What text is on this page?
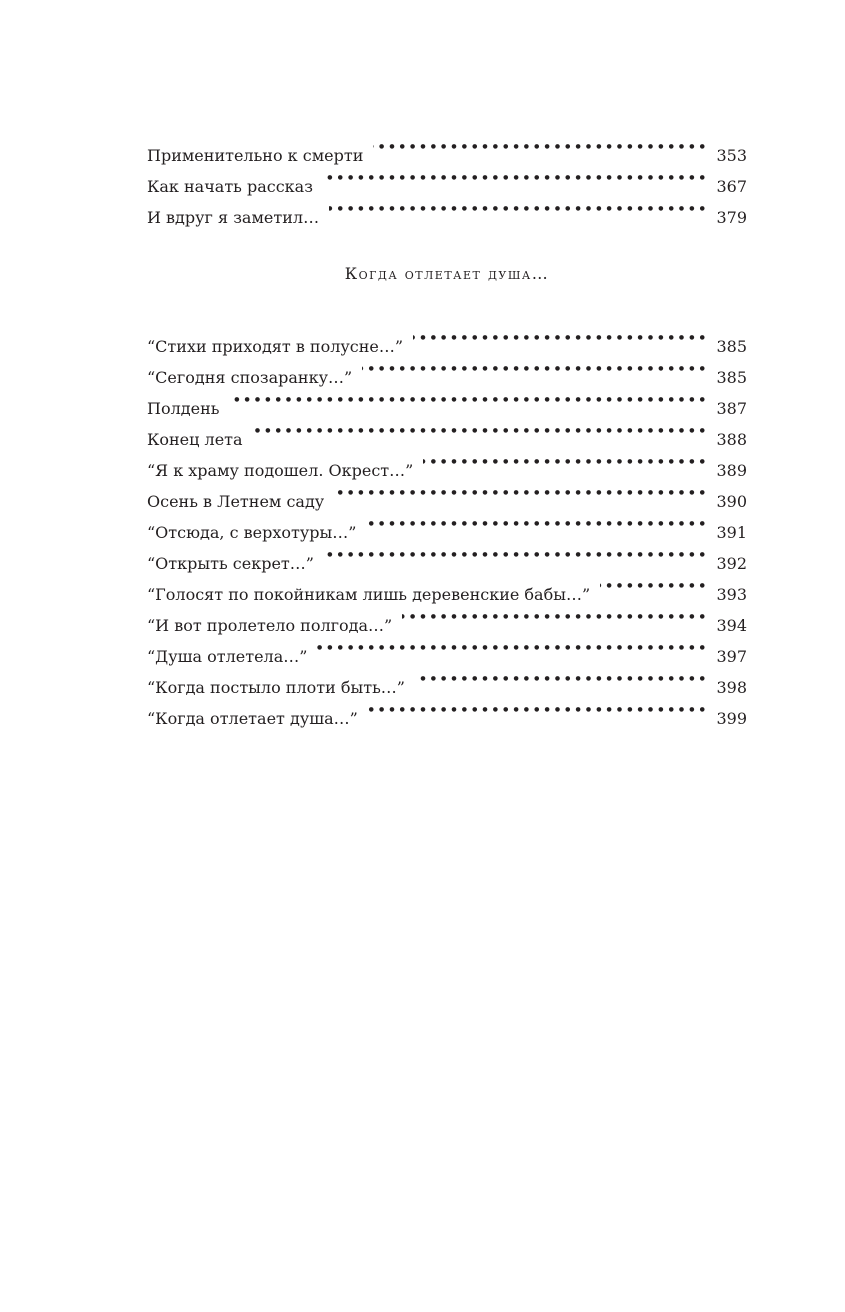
Применительно к смерти ● ● ● ● ● ● ● ● ● ● ● ● ● ● ● ● ● ● ● ● ● ● ● ● ● ● ● ● ● ● ● ● ● ● ● ● ● ● ● ● ● ● ● ● ● ● ● ● ● ●	353
Как начать рассказ ● ● ● ● ● ● ● ● ● ● ● ● ● ● ● ● ● ● ● ● ● ● ● ● ● ● ● ● ● ● ● ● ● ● ● ● ● ● ● ● ● ● ● ● ● ● ● ● ● ●	367
И вдруг я заметил… ● ● ● ● ● ● ● ● ● ● ● ● ● ● ● ● ● ● ● ● ● ● ● ● ● ● ● ● ● ● ● ● ● ● ● ● ● ● ● ● ● ● ● ● ● ● ● ● ● ●	379
Когда отлетает душа…
“Стихи приходят в полусне…” ● ● ● ● ● ● ● ● ● ● ● ● ● ● ● ● ● ● ● ● ● ● ● ● ● ● ● ● ● ● ● ● ● ● ● ● ● ● ● ● ● ● ● ● ● ● ● ● ● ●	385
“Сегодня спозаранку…” ● ● ● ● ● ● ● ● ● ● ● ● ● ● ● ● ● ● ● ● ● ● ● ● ● ● ● ● ● ● ● ● ● ● ● ● ● ● ● ● ● ● ● ● ● ● ● ● ● ●	385
Полдень ● ● ● ● ● ● ● ● ● ● ● ● ● ● ● ● ● ● ● ● ● ● ● ● ● ● ● ● ● ● ● ● ● ● ● ● ● ● ● ● ● ● ● ● ● ● ● ● ● ●	387
Конец лета ● ● ● ● ● ● ● ● ● ● ● ● ● ● ● ● ● ● ● ● ● ● ● ● ● ● ● ● ● ● ● ● ● ● ● ● ● ● ● ● ● ● ● ● ● ● ● ● ● ●	388
“Я к храму подошел. Окрест…” ● ● ● ● ● ● ● ● ● ● ● ● ● ● ● ● ● ● ● ● ● ● ● ● ● ● ● ● ● ● ● ● ● ● ● ● ● ● ● ● ● ● ● ● ● ● ● ● ● ●	389
Осень в Летнем саду ● ● ● ● ● ● ● ● ● ● ● ● ● ● ● ● ● ● ● ● ● ● ● ● ● ● ● ● ● ● ● ● ● ● ● ● ● ● ● ● ● ● ● ● ● ● ● ● ● ●	390
“Отсюда, с верхотуры…” ● ● ● ● ● ● ● ● ● ● ● ● ● ● ● ● ● ● ● ● ● ● ● ● ● ● ● ● ● ● ● ● ● ● ● ● ● ● ● ● ● ● ● ● ● ● ● ● ● ●	391
“Открыть секрет…” ● ● ● ● ● ● ● ● ● ● ● ● ● ● ● ● ● ● ● ● ● ● ● ● ● ● ● ● ● ● ● ● ● ● ● ● ● ● ● ● ● ● ● ● ● ● ● ● ● ●	392
“Голосят по покойникам лишь деревенские бабы…” ● ● ● ● ● ● ● ● ● ● ● ● ● ● ● ● ● ● ● ● ● ● ● ● ● ● ● ● ● ● ● ● ● ● ● ● ● ● ● ● ● ● ● ● ● ● ● ● ● ●	393
“И вот пролетело полгода…” ● ● ● ● ● ● ● ● ● ● ● ● ● ● ● ● ● ● ● ● ● ● ● ● ● ● ● ● ● ● ● ● ● ● ● ● ● ● ● ● ● ● ● ● ● ● ● ● ● ●	394
“Душа отлетела…” ● ● ● ● ● ● ● ● ● ● ● ● ● ● ● ● ● ● ● ● ● ● ● ● ● ● ● ● ● ● ● ● ● ● ● ● ● ● ● ● ● ● ● ● ● ● ● ● ● ●	397
“Когда постыло плоти быть…” ● ● ● ● ● ● ● ● ● ● ● ● ● ● ● ● ● ● ● ● ● ● ● ● ● ● ● ● ● ● ● ● ● ● ● ● ● ● ● ● ● ● ● ● ● ● ● ● ● ●	398
“Когда отлетает душа…” ● ● ● ● ● ● ● ● ● ● ● ● ● ● ● ● ● ● ● ● ● ● ● ● ● ● ● ● ● ● ● ● ● ● ● ● ● ● ● ● ● ● ● ● ● ● ● ● ● ●	399
